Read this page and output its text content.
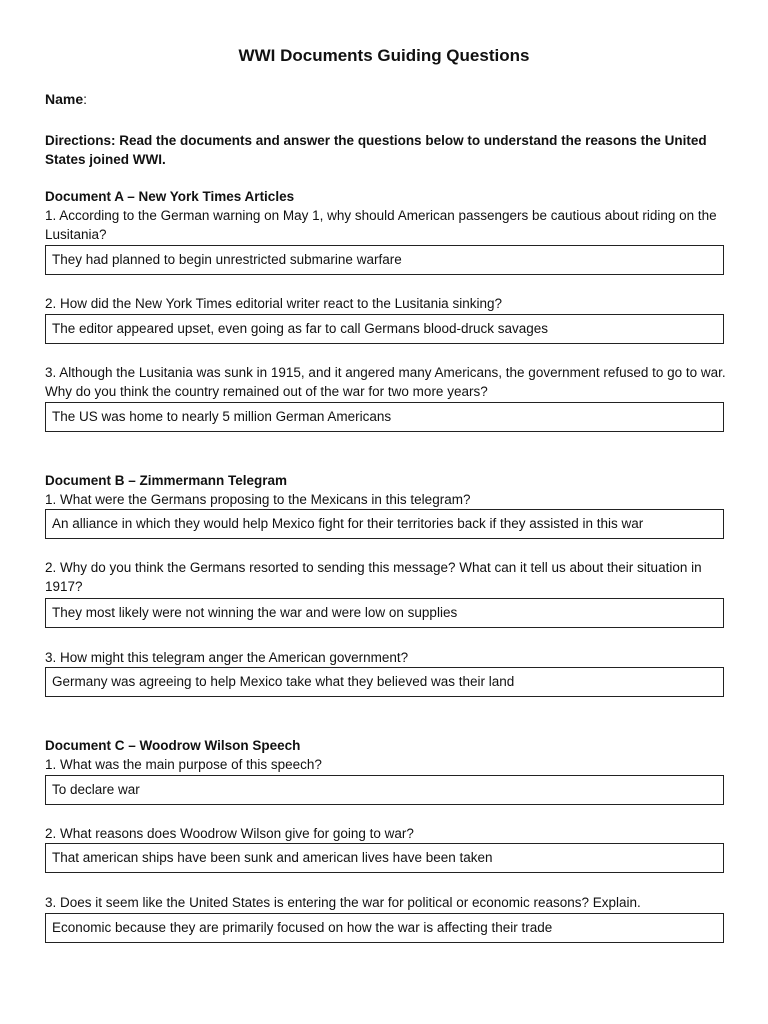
WWI Documents Guiding Questions
Name:

Directions: Read the documents and answer the questions below to understand the reasons the United States joined WWI.

Document A – New York Times Articles

1. According to the German warning on May 1, why should American passengers be cautious about riding on the Lusitania?

They had planned to begin unrestricted submarine warfare

2. How did the New York Times editorial writer react to the Lusitania sinking?

The editor appeared upset, even going as far to call Germans blood-druck savages

3. Although the Lusitania was sunk in 1915, and it angered many Americans, the government refused to go to war. Why do you think the country remained out of the war for two more years?

The US was home to nearly 5 million German Americans

Document B – Zimmermann Telegram

1. What were the Germans proposing to the Mexicans in this telegram?

An alliance in which they would help Mexico fight for their territories back if they assisted in this war

2. Why do you think the Germans resorted to sending this message? What can it tell us about their situation in 1917?

They most likely were not winning the war and were low on supplies

3. How might this telegram anger the American government?

Germany was agreeing to help Mexico take what they believed was their land

Document C – Woodrow Wilson Speech

1. What was the main purpose of this speech?

To declare war

2. What reasons does Woodrow Wilson give for going to war?

That american ships have been sunk and american lives have been taken

3. Does it seem like the United States is entering the war for political or economic reasons? Explain.

Economic because they are primarily focused on how the war is affecting their trade
